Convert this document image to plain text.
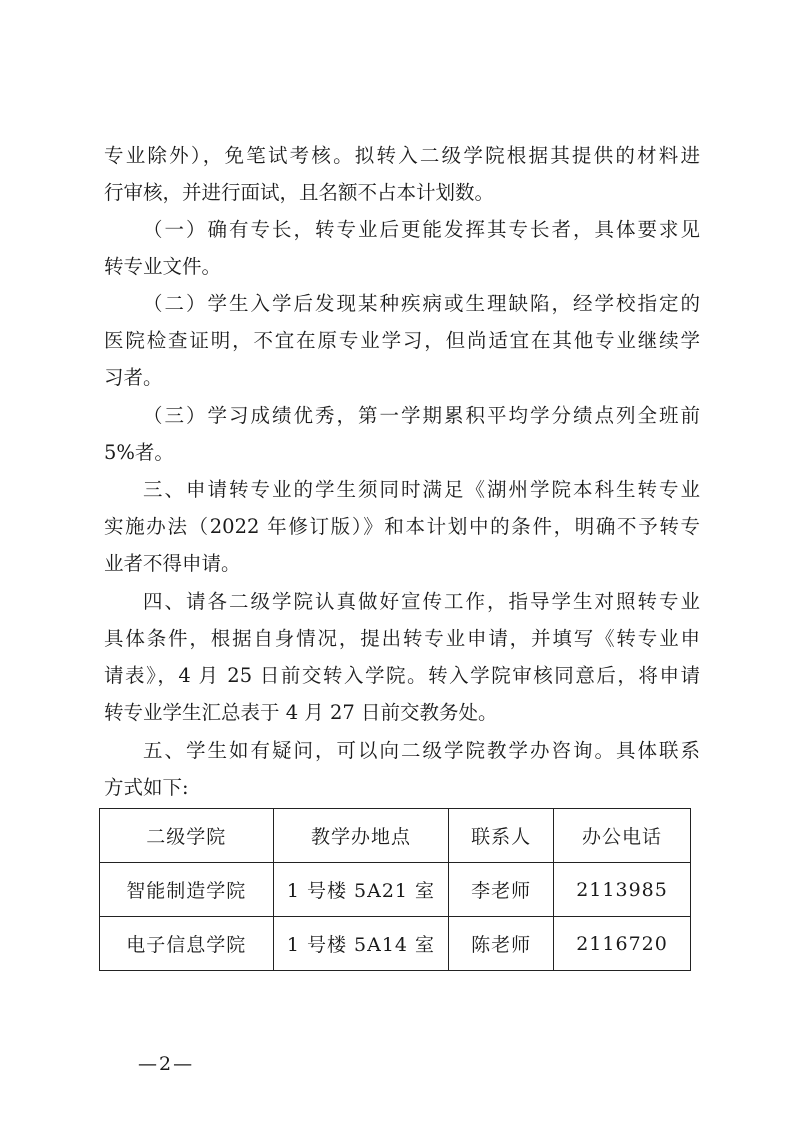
专业除外），免笔试考核。拟转入二级学院根据其提供的材料进
行审核，并进行面试，且名额不占本计划数。
（一）确有专长，转专业后更能发挥其专长者，具体要求见
转专业文件。
（二）学生入学后发现某种疾病或生理缺陷，经学校指定的
医院检查证明，不宜在原专业学习，但尚适宜在其他专业继续学
习者。
（三）学习成绩优秀，第一学期累积平均学分绩点列全班前
5%者。
三、申请转专业的学生须同时满足《湖州学院本科生转专业
实施办法（2022 年修订版）》和本计划中的条件，明确不予转专
业者不得申请。
四、请各二级学院认真做好宣传工作，指导学生对照转专业
具体条件，根据自身情况，提出转专业申请，并填写《转专业申
请表》，4 月 25 日前交转入学院。转入学院审核同意后，将申请
转专业学生汇总表于 4 月 27 日前交教务处。
五、学生如有疑问，可以向二级学院教学办咨询。具体联系
方式如下:
二级学院	教学办地点	联系人	办公电话
智能制造学院	1 号楼 5A21 室	李老师	2113985
电子信息学院	1 号楼 5A14 室	陈老师	2116720
—2—
